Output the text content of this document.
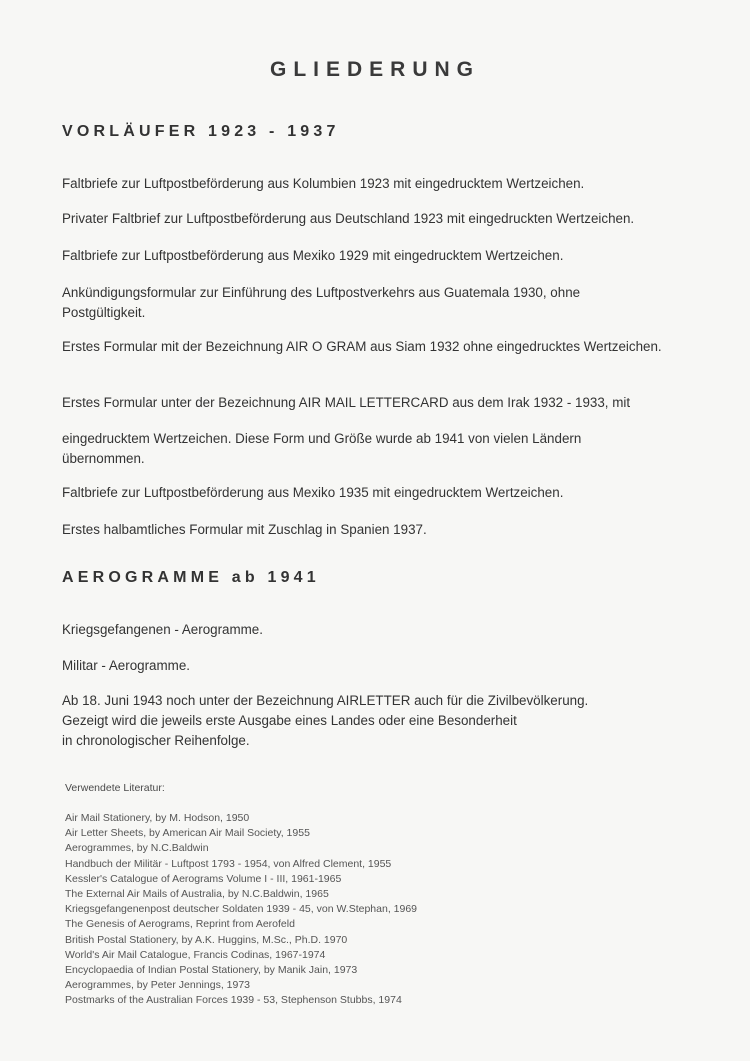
GLIEDERUNG
VORLÄUFER 1923 - 1937
Faltbriefe zur Luftpostbeförderung aus Kolumbien 1923 mit eingedrucktem Wertzeichen.
Privater Faltbrief zur Luftpostbeförderung aus Deutschland 1923 mit eingedruckten Wertzeichen.
Faltbriefe zur Luftpostbeförderung aus Mexiko 1929 mit eingedrucktem Wertzeichen.
Ankündigungsformular zur Einführung des Luftpostverkehrs aus Guatemala 1930, ohne Postgültigkeit.
Erstes Formular mit der Bezeichnung AIR O GRAM aus Siam 1932 ohne eingedrucktes Wertzeichen.
Erstes Formular unter der Bezeichnung AIR MAIL LETTERCARD aus dem Irak 1932 - 1933, mit
eingedrucktem Wertzeichen. Diese Form und Größe wurde ab 1941 von vielen Ländern übernommen.
Faltbriefe zur Luftpostbeförderung aus Mexiko 1935 mit eingedrucktem Wertzeichen.
Erstes halbamtliches Formular mit Zuschlag in Spanien 1937.
AEROGRAMME ab 1941
Kriegsgefangenen - Aerogramme.
Militar - Aerogramme.
Ab 18. Juni 1943 noch unter der Bezeichnung AIRLETTER auch für die Zivilbevölkerung.
Gezeigt wird die jeweils erste Ausgabe eines Landes oder eine Besonderheit
in chronologischer Reihenfolge.
Verwendete Literatur:
Air Mail Stationery, by M. Hodson, 1950
Air Letter Sheets, by American Air Mail Society, 1955
Aerogrammes, by N.C.Baldwin
Handbuch der Militär - Luftpost 1793 - 1954, von Alfred Clement, 1955
Kessler's Catalogue of Aerograms Volume I - III, 1961-1965
The External Air Mails of Australia, by N.C.Baldwin, 1965
Kriegsgefangenenpost deutscher Soldaten 1939 - 45, von W.Stephan, 1969
The Genesis of Aerograms, Reprint from Aerofeld
British Postal Stationery, by A.K. Huggins, M.Sc., Ph.D. 1970
World's Air Mail Catalogue, Francis Codinas, 1967-1974
Encyclopaedia of Indian Postal Stationery, by Manik Jain, 1973
Aerogrammes, by Peter Jennings, 1973
Postmarks of the Australian Forces 1939 - 53, Stephenson Stubbs, 1974
